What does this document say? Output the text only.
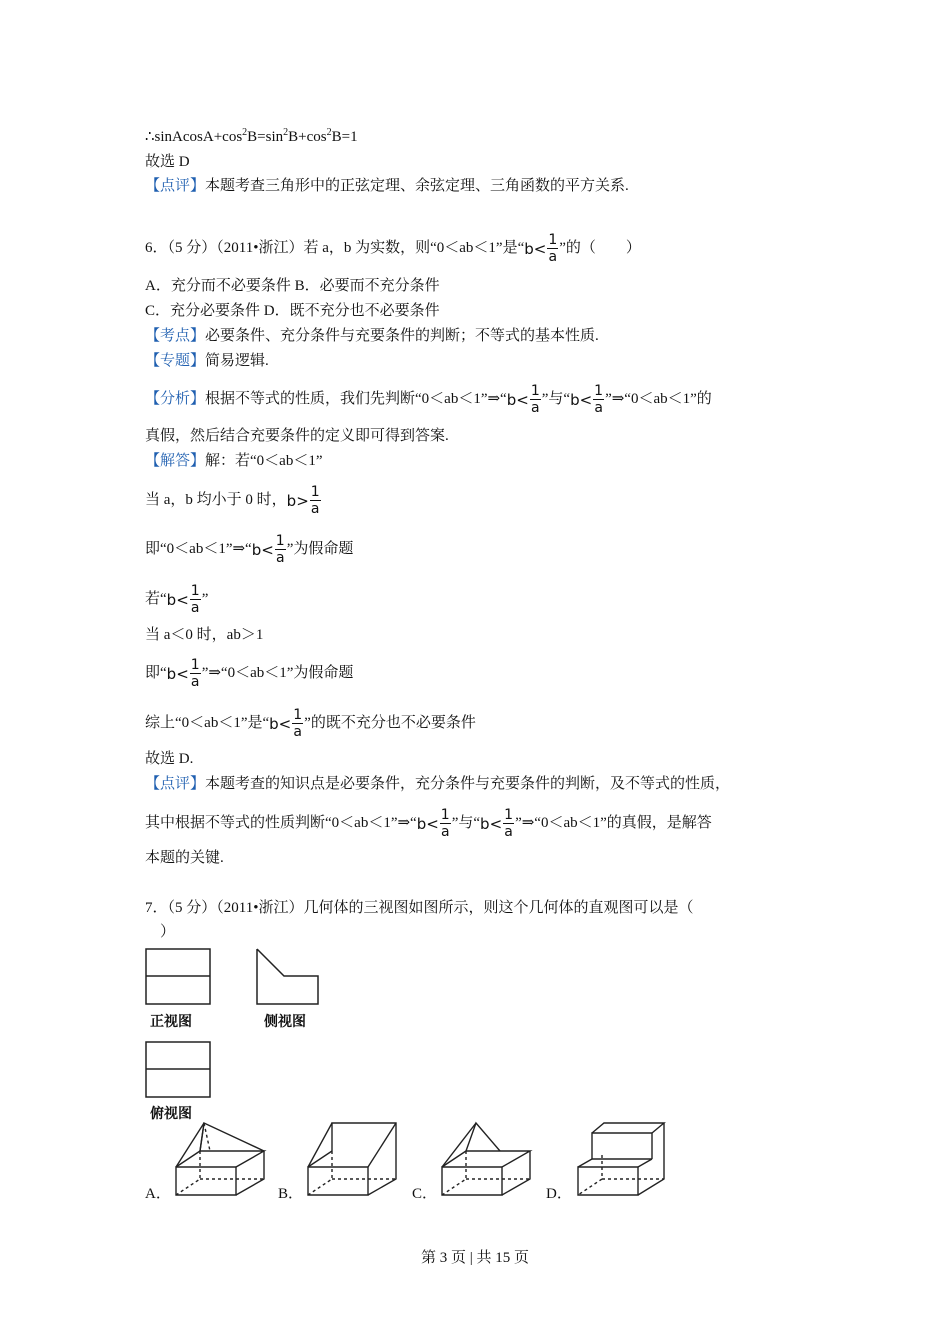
$\therefore sinAcosA+\cos^2B=\sin^2B+\cos^2B=1$
故选 D
【点评】本题考查三角形中的正弦定理、余弦定理、三角函数的平方关系.
6．（5 分）（2011•浙江）若 a，b 为实数，则“0＜ab＜1”是“$b< \frac{1}{a}$ ”的（　　）
A．充分而不必要条件 B．必要而不充分条件
C．充分必要条件 D．既不充分也不必要条件
【考点】必要条件、充分条件与充要条件的判断；不等式的基本性质.
【专题】简易逻辑.
【分析】根据不等式的性质，我们先判断“0＜ab＜1”⇒“b< $\frac{1}{a}$ ”与“$b< \frac{1}{a}$ ”⇒“0＜ab＜1”的
真假，然后结合充要条件的定义即可得到答案.
【解答】解：若“0＜ab＜1”
当 a，b 均小于 0 时，$b> \frac{1}{a}$
即“0＜ab＜1”⇒“b< $\frac{1}{a}$ ”为假命题
若“$b< \frac{1}{a}$ ”
当 a＜0 时，ab＞1
即“$b< \frac{1}{a}$ ”⇒“0＜ab＜1”为假命题
综上“0＜ab＜1”是“$b< \frac{1}{a}$ ”的既不充分也不必要条件
故选 D.
【点评】本题考查的知识点是必要条件，充分条件与充要条件的判断，及不等式的性质，
其中根据不等式的性质判断“0＜ab＜1”⇒“b< $\frac{1}{a}$ ”与“$b< \frac{1}{a}$ ”⇒“0＜ab＜1”的真假，是解答
本题的关键.
7．（5 分）（2011•浙江）几何体的三视图如图所示，则这个几何体的直观图可以是（
）
正视图	侧视图
俯视图
A．	B．	C．	D．
第 3 页 | 共 15 页
